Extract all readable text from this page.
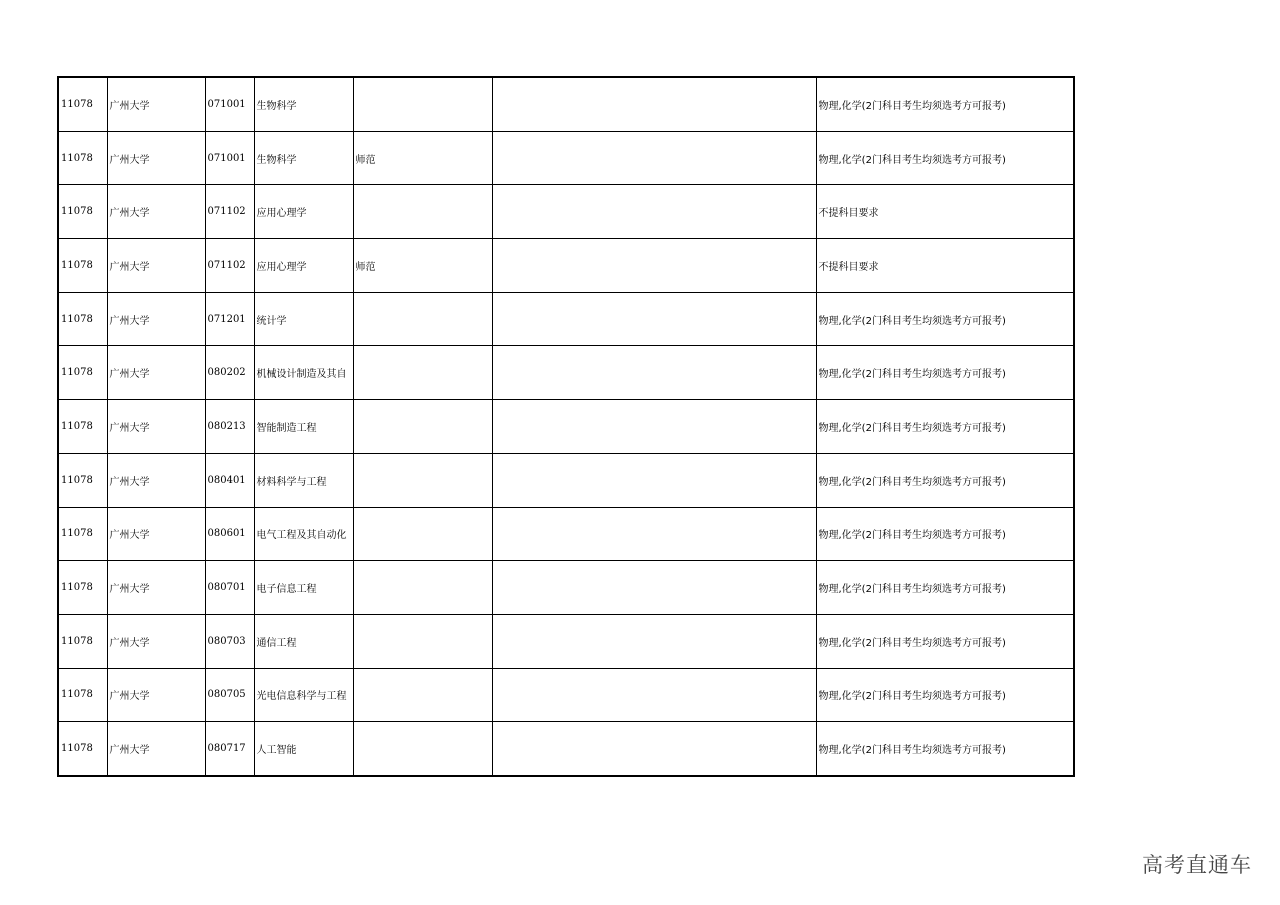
11078	广州大学	071001	生物科学			物理,化学(2门科目考生均须选考方可报考)
11078	广州大学	071001	生物科学	师范		物理,化学(2门科目考生均须选考方可报考)
11078	广州大学	071102	应用心理学			不提科目要求
11078	广州大学	071102	应用心理学	师范		不提科目要求
11078	广州大学	071201	统计学			物理,化学(2门科目考生均须选考方可报考)
11078	广州大学	080202	机械设计制造及其自			物理,化学(2门科目考生均须选考方可报考)
11078	广州大学	080213	智能制造工程			物理,化学(2门科目考生均须选考方可报考)
11078	广州大学	080401	材料科学与工程			物理,化学(2门科目考生均须选考方可报考)
11078	广州大学	080601	电气工程及其自动化			物理,化学(2门科目考生均须选考方可报考)
11078	广州大学	080701	电子信息工程			物理,化学(2门科目考生均须选考方可报考)
11078	广州大学	080703	通信工程			物理,化学(2门科目考生均须选考方可报考)
11078	广州大学	080705	光电信息科学与工程			物理,化学(2门科目考生均须选考方可报考)
11078	广州大学	080717	人工智能			物理,化学(2门科目考生均须选考方可报考)
高考直通车
